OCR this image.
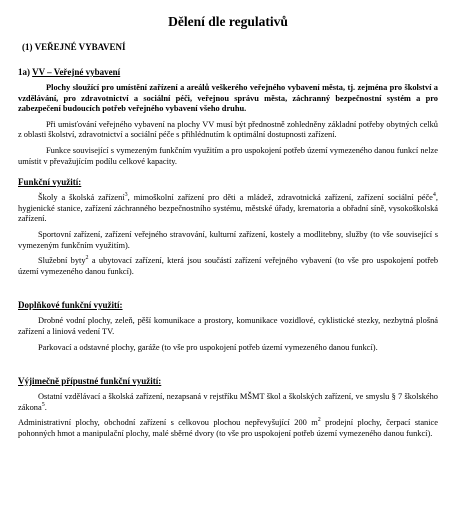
Dělení dle regulativů
(1) VEŘEJNÉ VYBAVENÍ
1a) VV – Veřejné vybavení

Plochy sloužící pro umístění zařízení a areálů veškerého veřejného vybavení města, tj. zejména pro školství a vzdělávání, pro zdravotnictví a sociální péči, veřejnou správu města, záchranný bezpečnostní systém a pro zabezpečení budoucích potřeb veřejného vybavení všeho druhu.

Při umisťování veřejného vybavení na plochy VV musí být přednostně zohledněny základní potřeby obytných celků z oblasti školství, zdravotnictví a sociální péče s přihlédnutím k optimální dostupnosti zařízení.

Funkce související s vymezeným funkčním využitím a pro uspokojení potřeb území vymezeného danou funkcí nelze umístit v převažujícím podílu celkové kapacity.

Funkční využití:

Školy a školská zařízení$^3$, mimoškolní zařízení pro děti a mládež, zdravotnická zařízení, zařízení sociální péče$^4$, hygienické stanice, zařízení záchranného bezpečnostního systému, městské úřady, krematoria a obřadní síně, vysokoškolská zařízení.

Sportovní zařízení, zařízení veřejného stravování, kulturní zařízení, kostely a modlitebny, služby (to vše související s vymezeným funkčním využitím).

Služební byty$^2$ a ubytovací zařízení, která jsou součástí zařízení veřejného vybavení (to vše pro uspokojení potřeb území vymezeného danou funkcí).

Doplňkové funkční využití:

Drobné vodní plochy, zeleň, pěší komunikace a prostory, komunikace vozidlové, cyklistické stezky, nezbytná plošná zařízení a liniová vedení TV.

Parkovací a odstavné plochy, garáže (to vše pro uspokojení potřeb území vymezeného danou funkcí).

Výjimečně přípustné funkční využití:

Ostatní vzdělávací a školská zařízení, nezapsaná v rejstříku MŠMT škol a školských zařízení, ve smyslu § 7 školského zákona$^5$.

Administrativní plochy, obchodní zařízení s celkovou plochou nepřevyšující 200 $m^2$ prodejní plochy, čerpací stanice pohonných hmot a manipulační plochy, malé sběrné dvory (to vše pro uspokojení potřeb území vymezeného danou funkcí).
